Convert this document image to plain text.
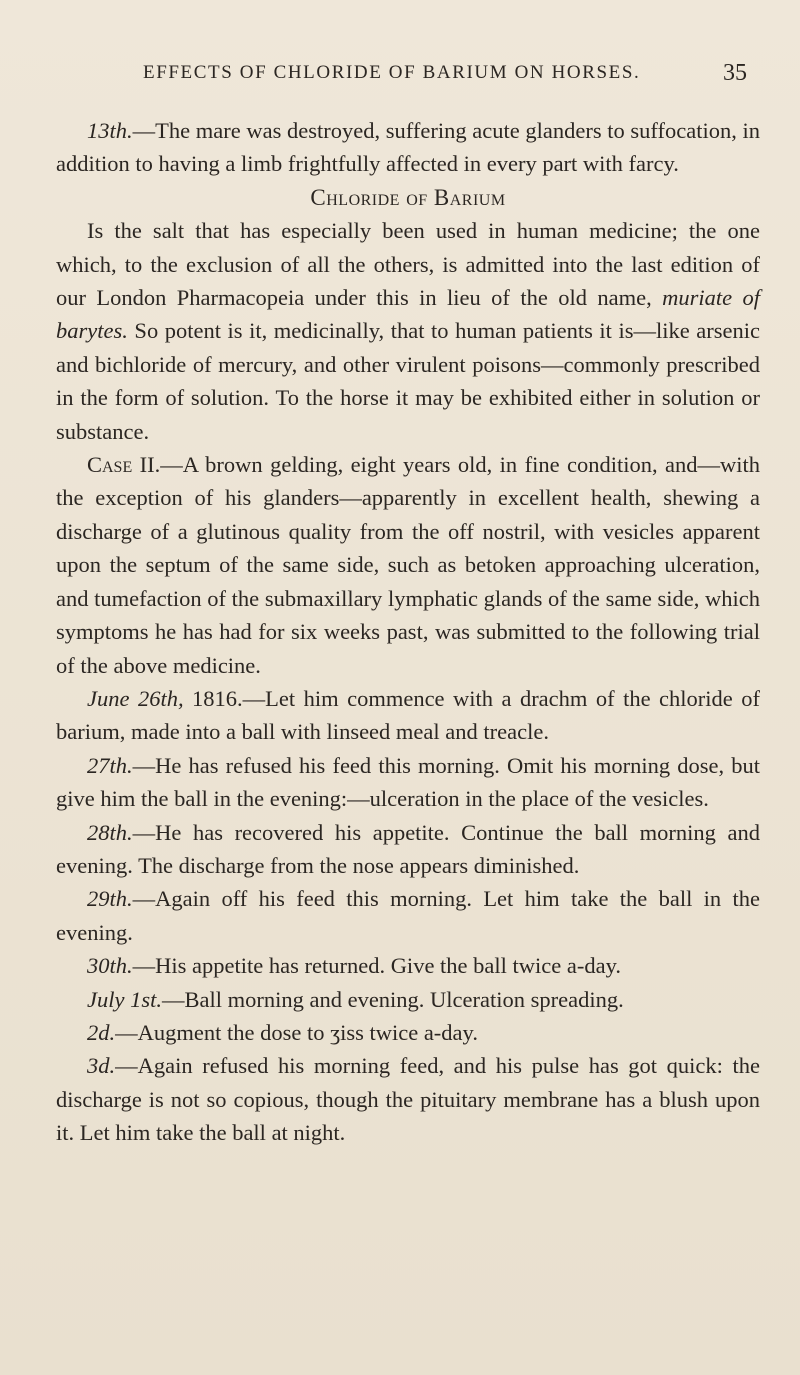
EFFECTS OF CHLORIDE OF BARIUM ON HORSES.	35

13th.—The mare was destroyed, suffering acute glanders to suffocation, in addition to having a limb frightfully affected in every part with farcy.

Chloride of Barium

Is the salt that has especially been used in human medicine; the one which, to the exclusion of all the others, is admitted into the last edition of our London Pharmacopeia under this in lieu of the old name, muriate of barytes. So potent is it, medicinally, that to human patients it is—like arsenic and bichloride of mercury, and other virulent poisons—commonly prescribed in the form of solution. To the horse it may be exhibited either in solution or substance.

Case II.—A brown gelding, eight years old, in fine condition, and—with the exception of his glanders—apparently in excellent health, shewing a discharge of a glutinous quality from the off nostril, with vesicles apparent upon the septum of the same side, such as betoken approaching ulceration, and tumefaction of the submaxillary lymphatic glands of the same side, which symptoms he has had for six weeks past, was submitted to the following trial of the above medicine.

June 26th, 1816.—Let him commence with a drachm of the chloride of barium, made into a ball with linseed meal and treacle.

27th.—He has refused his feed this morning. Omit his morning dose, but give him the ball in the evening:—ulceration in the place of the vesicles.

28th.—He has recovered his appetite. Continue the ball morning and evening. The discharge from the nose appears diminished.

29th.—Again off his feed this morning. Let him take the ball in the evening.

30th.—His appetite has returned. Give the ball twice a-day.

July 1st.—Ball morning and evening. Ulceration spreading.

2d.—Augment the dose to ʒiss twice a-day.

3d.—Again refused his morning feed, and his pulse has got quick: the discharge is not so copious, though the pituitary membrane has a blush upon it. Let him take the ball at night.
